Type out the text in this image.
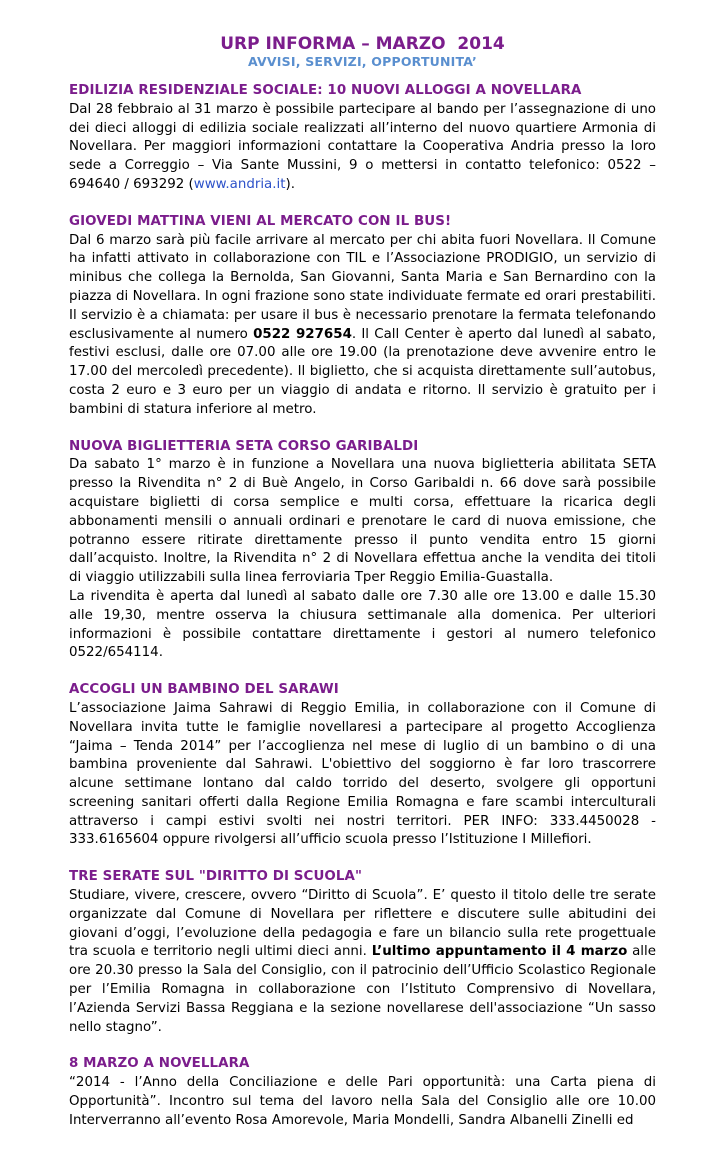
URP INFORMA – MARZO  2014
AVVISI, SERVIZI, OPPORTUNITA’
EDILIZIA RESIDENZIALE SOCIALE: 10 NUOVI ALLOGGI A NOVELLARA
Dal 28 febbraio al 31 marzo è possibile partecipare al bando per l’assegnazione di uno dei dieci alloggi di edilizia sociale realizzati all’interno del nuovo quartiere Armonia di Novellara. Per maggiori informazioni contattare la Cooperativa Andria presso la loro sede a Correggio – Via Sante Mussini, 9 o mettersi in contatto telefonico: 0522 – 694640 / 693292 (www.andria.it).
GIOVEDI MATTINA VIENI AL MERCATO CON IL BUS!
Dal 6 marzo sarà più facile arrivare al mercato per chi abita fuori Novellara. Il Comune ha infatti attivato in collaborazione con TIL e l’Associazione PRODIGIO, un servizio di minibus che collega la Bernolda, San Giovanni, Santa Maria e San Bernardino con la piazza di Novellara. In ogni frazione sono state individuate fermate ed orari prestabiliti. Il servizio è a chiamata: per usare il bus è necessario prenotare la fermata telefonando esclusivamente al numero 0522 927654. Il Call Center è aperto dal lunedì al sabato, festivi esclusi, dalle ore 07.00 alle ore 19.00 (la prenotazione deve avvenire entro le 17.00 del mercoledì precedente). Il biglietto, che si acquista direttamente sull’autobus, costa 2 euro e 3 euro per un viaggio di andata e ritorno. Il servizio è gratuito per i bambini di statura inferiore al metro.
NUOVA BIGLIETTERIA SETA CORSO GARIBALDI
Da sabato 1° marzo è in funzione a Novellara una nuova biglietteria abilitata SETA presso la Rivendita n° 2 di Buè Angelo, in Corso Garibaldi n. 66 dove sarà possibile acquistare biglietti di corsa semplice e multi corsa, effettuare la ricarica degli abbonamenti mensili o annuali ordinari e prenotare le card di nuova emissione, che potranno essere ritirate direttamente presso il punto vendita entro 15 giorni dall’acquisto. Inoltre, la Rivendita n° 2 di Novellara effettua anche la vendita dei titoli di viaggio utilizzabili sulla linea ferroviaria Tper Reggio Emilia-Guastalla.
La rivendita è aperta dal lunedì al sabato dalle ore 7.30 alle ore 13.00 e dalle 15.30 alle 19,30, mentre osserva la chiusura settimanale alla domenica. Per ulteriori informazioni è possibile contattare direttamente i gestori al numero telefonico 0522/654114.
ACCOGLI UN BAMBINO DEL SARAWI
L’associazione Jaima Sahrawi di Reggio Emilia, in collaborazione con il Comune di Novellara invita tutte le famiglie novellaresi a partecipare al progetto Accoglienza “Jaima – Tenda 2014” per l’accoglienza nel mese di luglio di un bambino o di una bambina proveniente dal Sahrawi. L'obiettivo del soggiorno è far loro trascorrere alcune settimane lontano dal caldo torrido del deserto, svolgere gli opportuni screening sanitari offerti dalla Regione Emilia Romagna e fare scambi interculturali attraverso i campi estivi svolti nei nostri territori. PER INFO: 333.4450028 - 333.6165604 oppure rivolgersi all’ufficio scuola presso l’Istituzione I Millefiori.
TRE SERATE SUL "DIRITTO DI SCUOLA"
Studiare, vivere, crescere, ovvero “Diritto di Scuola”. E’ questo il titolo delle tre serate organizzate dal Comune di Novellara per riflettere e discutere sulle abitudini dei giovani d’oggi, l’evoluzione della pedagogia e fare un bilancio sulla rete progettuale tra scuola e territorio negli ultimi dieci anni. L’ultimo appuntamento il 4 marzo alle ore 20.30 presso la Sala del Consiglio, con il patrocinio dell’Ufficio Scolastico Regionale per l’Emilia Romagna in collaborazione con l’Istituto Comprensivo di Novellara, l’Azienda Servizi Bassa Reggiana e la sezione novellarese dell'associazione “Un sasso nello stagno”.
8 MARZO A NOVELLARA
“2014 - l’Anno della Conciliazione e delle Pari opportunità: una Carta piena di Opportunità”. Incontro sul tema del lavoro nella Sala del Consiglio alle ore 10.00 Interverranno all’evento Rosa Amorevole, Maria Mondelli, Sandra Albanelli Zinelli ed
